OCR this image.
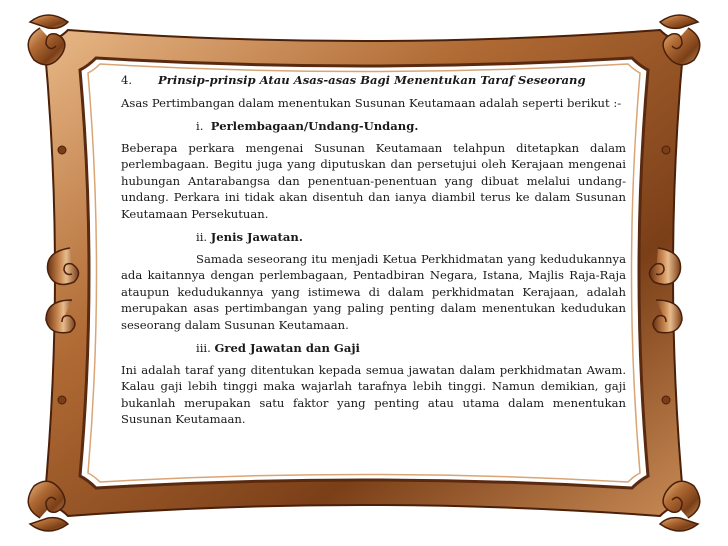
4. Prinsip-prinsip Atau Asas-asas Bagi Menentukan Taraf Seseorang
Asas Pertimbangan dalam menentukan Susunan Keutamaan adalah seperti berikut :-
i. Perlembagaan/Undang-Undang.
Beberapa perkara mengenai Susunan Keutamaan telahpun ditetapkan dalam perlembagaan. Begitu juga yang diputuskan dan persetujui oleh Kerajaan mengenai hubungan Antarabangsa dan penentuan-penentuan yang dibuat melalui undang-undang. Perkara ini tidak akan disentuh dan ianya diambil terus ke dalam Susunan Keutamaan Persekutuan.
ii. Jenis Jawatan.
Samada seseorang itu menjadi Ketua Perkhidmatan yang kedudukannya ada kaitannya dengan perlembagaan, Pentadbiran Negara, Istana, Majlis Raja-Raja ataupun kedudukannya yang istimewa di dalam perkhidmatan Kerajaan, adalah merupakan asas pertimbangan yang paling penting dalam menentukan kedudukan seseorang dalam Susunan Keutamaan.
iii. Gred Jawatan dan Gaji
Ini adalah taraf yang ditentukan kepada semua jawatan dalam perkhidmatan Awam. Kalau gaji lebih tinggi maka wajarlah tarafnya lebih tinggi. Namun demikian, gaji bukanlah merupakan satu faktor yang penting atau utama dalam menentukan Susunan Keutamaan.
